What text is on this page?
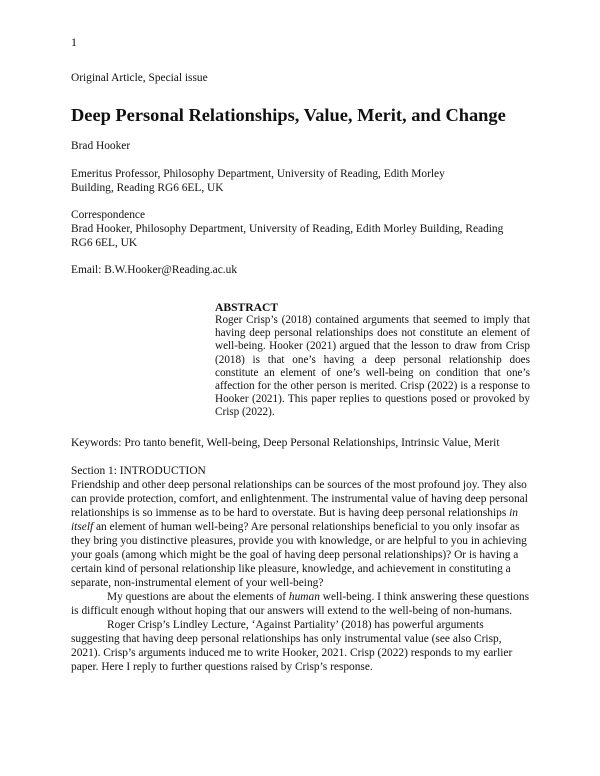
1
Original Article, Special issue
Deep Personal Relationships, Value, Merit, and Change
Brad Hooker
Emeritus Professor, Philosophy Department, University of Reading, Edith Morley Building, Reading RG6 6EL, UK
Correspondence
Brad Hooker, Philosophy Department, University of Reading, Edith Morley Building, Reading RG6 6EL, UK
Email: B.W.Hooker@Reading.ac.uk
ABSTRACT
Roger Crisp’s (2018) contained arguments that seemed to imply that having deep personal relationships does not constitute an element of well-being. Hooker (2021) argued that the lesson to draw from Crisp (2018) is that one’s having a deep personal relationship does constitute an element of one’s well-being on condition that one’s affection for the other person is merited. Crisp (2022) is a response to Hooker (2021). This paper replies to questions posed or provoked by Crisp (2022).
Keywords: Pro tanto benefit, Well-being, Deep Personal Relationships, Intrinsic Value, Merit

Section 1: INTRODUCTION

Friendship and other deep personal relationships can be sources of the most profound joy. They also can provide protection, comfort, and enlightenment. The instrumental value of having deep personal relationships is so immense as to be hard to overstate. But is having deep personal relationships in itself an element of human well-being? Are personal relationships beneficial to you only insofar as they bring you distinctive pleasures, provide you with knowledge, or are helpful to you in achieving your goals (among which might be the goal of having deep personal relationships)? Or is having a certain kind of personal relationship like pleasure, knowledge, and achievement in constituting a separate, non-instrumental element of your well-being?

My questions are about the elements of human well-being. I think answering these questions is difficult enough without hoping that our answers will extend to the well-being of non-humans.

Roger Crisp’s Lindley Lecture, ‘Against Partiality’ (2018) has powerful arguments suggesting that having deep personal relationships has only instrumental value (see also Crisp, 2021). Crisp’s arguments induced me to write Hooker, 2021. Crisp (2022) responds to my earlier paper. Here I reply to further questions raised by Crisp’s response.
